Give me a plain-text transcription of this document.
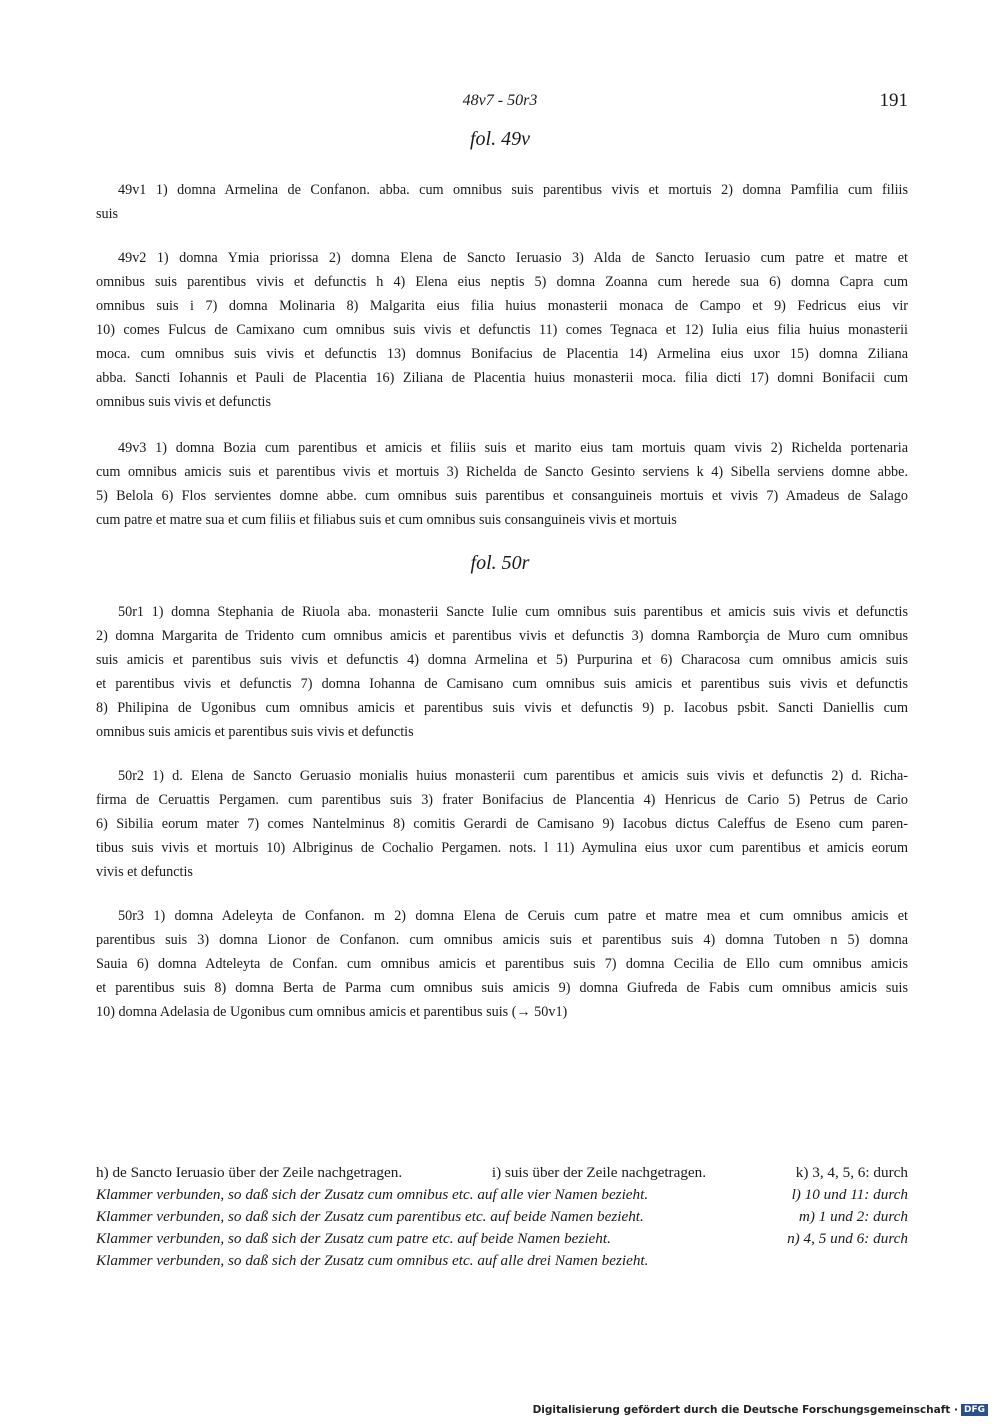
48v7 - 50r3	191
fol. 49v
49v1 1) domna Armelina de Confanon. abba. cum omnibus suis parentibus vivis et mortuis 2) domna Pamfilia cum filiis
suis
49v2 1) domna Ymia priorissa 2) domna Elena de Sancto Ieruasio 3) Alda de Sancto Ieruasio cum patre et matre et
omnibus suis parentibus vivis et defunctis h 4) Elena eius neptis 5) domna Zoanna cum herede sua 6) domna Capra cum
omnibus suis i 7) domna Molinaria 8) Malgarita eius filia huius monasterii monaca de Campo et 9) Fedricus eius vir
10) comes Fulcus de Camixano cum omnibus suis vivis et defunctis 11) comes Tegnaca et 12) Iulia eius filia huius monasterii
moca. cum omnibus suis vivis et defunctis 13) domnus Bonifacius de Placentia 14) Armelina eius uxor 15) domna Ziliana
abba. Sancti Iohannis et Pauli de Placentia 16) Ziliana de Placentia huius monasterii moca. filia dicti 17) domni Bonifacii cum
omnibus suis vivis et defunctis
49v3 1) domna Bozia cum parentibus et amicis et filiis suis et marito eius tam mortuis quam vivis 2) Richelda portenaria
cum omnibus amicis suis et parentibus vivis et mortuis 3) Richelda de Sancto Gesinto serviens k 4) Sibella serviens domne abbe.
5) Belola 6) Flos servientes domne abbe. cum omnibus suis parentibus et consanguineis mortuis et vivis 7) Amadeus de Salago
cum patre et matre sua et cum filiis et filiabus suis et cum omnibus suis consanguineis vivis et mortuis
fol. 50r
50r1 1) domna Stephania de Riuola aba. monasterii Sancte Iulie cum omnibus suis parentibus et amicis suis vivis et defunctis
2) domna Margarita de Tridento cum omnibus amicis et parentibus vivis et defunctis 3) domna Ramborçia de Muro cum omnibus
suis amicis et parentibus suis vivis et defunctis 4) domna Armelina et 5) Purpurina et 6) Characosa cum omnibus amicis suis
et parentibus vivis et defunctis 7) domna Iohanna de Camisano cum omnibus suis amicis et parentibus suis vivis et defunctis
8) Philipina de Ugonibus cum omnibus amicis et parentibus suis vivis et defunctis 9) p. Iacobus psbit. Sancti Daniellis cum
omnibus suis amicis et parentibus suis vivis et defunctis
50r2 1) d. Elena de Sancto Geruasio monialis huius monasterii cum parentibus et amicis suis vivis et defunctis 2) d. Richa-
firma de Ceruattis Pergamen. cum parentibus suis 3) frater Bonifacius de Plancentia 4) Henricus de Cario 5) Petrus de Cario
6) Sibilia eorum mater 7) comes Nantelminus 8) comitis Gerardi de Camisano 9) Iacobus dictus Caleffus de Eseno cum paren-
tibus suis vivis et mortuis 10) Albriginus de Cochalio Pergamen. nots. l 11) Aymulina eius uxor cum parentibus et amicis eorum
vivis et defunctis
50r3 1) domna Adeleyta de Confanon. m 2) domna Elena de Ceruis cum patre et matre mea et cum omnibus amicis et
parentibus suis 3) domna Lionor de Confanon. cum omnibus amicis suis et parentibus suis 4) domna Tutoben n 5) domna
Sauia 6) domna Adteleyta de Confan. cum omnibus amicis et parentibus suis 7) domna Cecilia de Ello cum omnibus amicis
et parentibus suis 8) domna Berta de Parma cum omnibus suis amicis 9) domna Giufreda de Fabis cum omnibus amicis suis
10) domna Adelasia de Ugonibus cum omnibus amicis et parentibus suis (→ 50v1)
h) de Sancto Ieruasio über der Zeile nachgetragen.	i) suis über der Zeile nachgetragen.	k) 3, 4, 5, 6: durch
Klammer verbunden, so daß sich der Zusatz cum omnibus etc. auf alle vier Namen bezieht.	l) 10 und 11: durch
Klammer verbunden, so daß sich der Zusatz cum parentibus etc. auf beide Namen bezieht.	m) 1 und 2: durch
Klammer verbunden, so daß sich der Zusatz cum patre etc. auf beide Namen bezieht.	n) 4, 5 und 6: durch
Klammer verbunden, so daß sich der Zusatz cum omnibus etc. auf alle drei Namen bezieht.
Digitalisierung gefördert durch die Deutsche Forschungsgemeinschaft · DFG
